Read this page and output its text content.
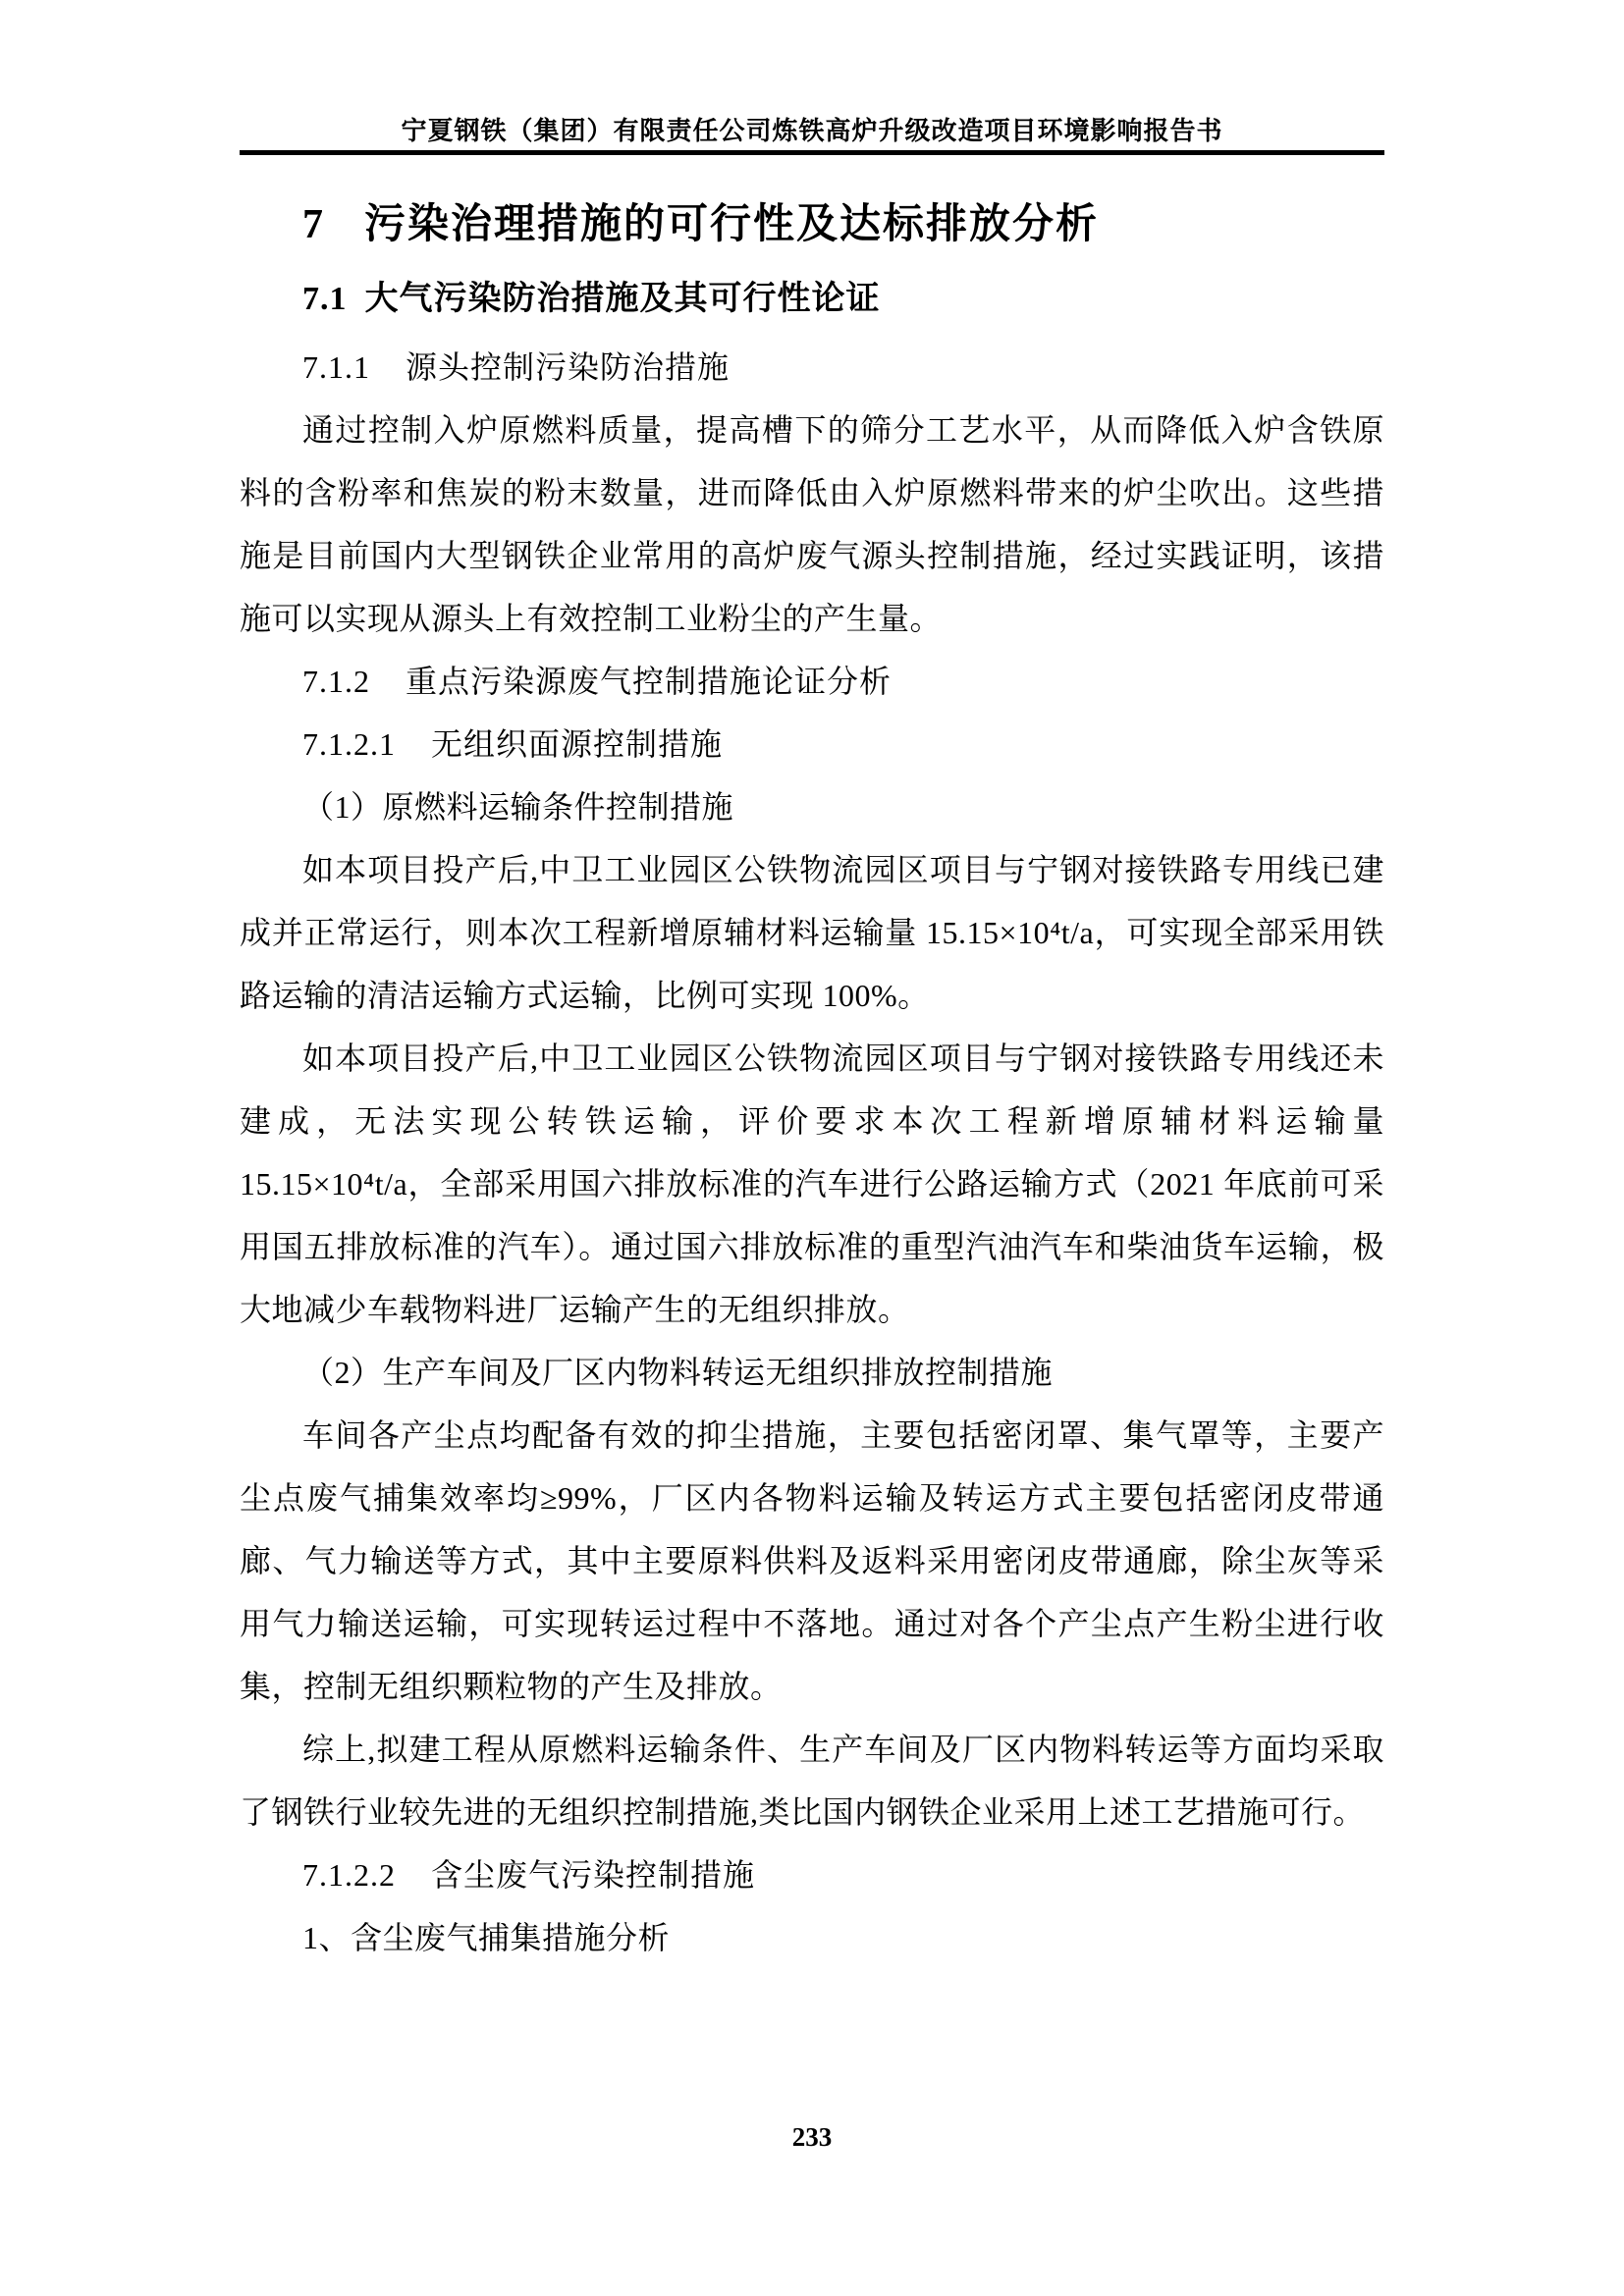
宁夏钢铁（集团）有限责任公司炼铁高炉升级改造项目环境影响报告书
7 污染治理措施的可行性及达标排放分析
7.1 大气污染防治措施及其可行性论证
7.1.1 源头控制污染防治措施

通过控制入炉原燃料质量，提高槽下的筛分工艺水平，从而降低入炉含铁原料的含粉率和焦炭的粉末数量，进而降低由入炉原燃料带来的炉尘吹出。这些措施是目前国内大型钢铁企业常用的高炉废气源头控制措施，经过实践证明，该措施可以实现从源头上有效控制工业粉尘的产生量。

7.1.2 重点污染源废气控制措施论证分析
7.1.2.1 无组织面源控制措施

（1）原燃料运输条件控制措施

如本项目投产后,中卫工业园区公铁物流园区项目与宁钢对接铁路专用线已建成并正常运行，则本次工程新增原辅材料运输量 15.15×10⁴t/a，可实现全部采用铁路运输的清洁运输方式运输，比例可实现 100%。

如本项目投产后,中卫工业园区公铁物流园区项目与宁钢对接铁路专用线还未建成，无法实现公转铁运输，评价要求本次工程新增原辅材料运输量 15.15×10⁴t/a，全部采用国六排放标准的汽车进行公路运输方式（2021 年底前可采用国五排放标准的汽车）。通过国六排放标准的重型汽油汽车和柴油货车运输，极大地减少车载物料进厂运输产生的无组织排放。

（2）生产车间及厂区内物料转运无组织排放控制措施

车间各产尘点均配备有效的抑尘措施，主要包括密闭罩、集气罩等，主要产尘点废气捕集效率均≥99%，厂区内各物料运输及转运方式主要包括密闭皮带通廊、气力输送等方式，其中主要原料供料及返料采用密闭皮带通廊，除尘灰等采用气力输送运输，可实现转运过程中不落地。通过对各个产尘点产生粉尘进行收集，控制无组织颗粒物的产生及排放。

综上,拟建工程从原燃料运输条件、生产车间及厂区内物料转运等方面均采取了钢铁行业较先进的无组织控制措施,类比国内钢铁企业采用上述工艺措施可行。

7.1.2.2 含尘废气污染控制措施

1、含尘废气捕集措施分析

233
